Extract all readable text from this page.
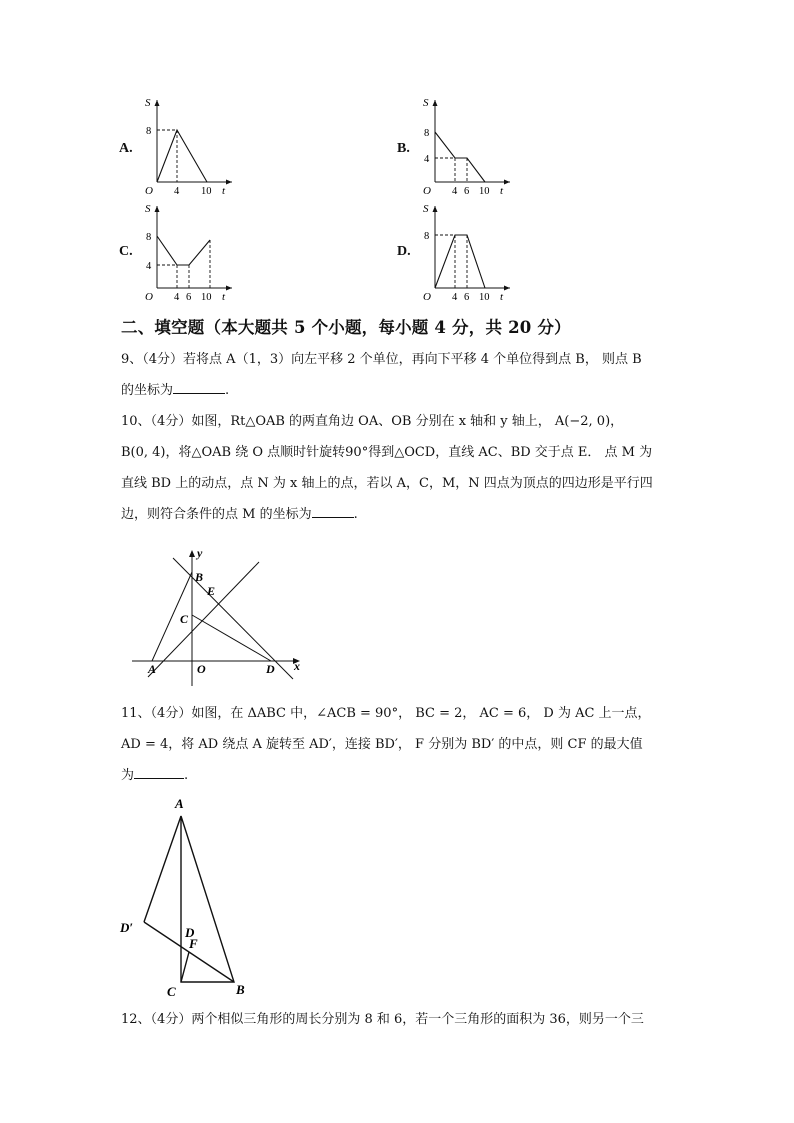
A.
S
8
O 4 10 t
B.
S
8
4
O 4 6 10 t
C.
S
8
4
O 4 6 10 t
D.
S
8
O 4 6 10 t
二、填空题（本大题共 5 个小题，每小题 4 分，共 20 分）
9、（4分）若将点 A（1，3）向左平移 2 个单位，再向下平移 4 个单位得到点 B， 则点 B
的坐标为	.
10、（4分）如图，Rt△OAB 的两直角边 OA、OB 分别在 x 轴和 y 轴上， A(−2, 0)，
B(0, 4)，将△OAB 绕 O 点顺时针旋转90°得到△OCD，直线 AC、BD 交于点 E． 点 M 为
直线 BD 上的动点，点 N 为 x 轴上的点，若以 A，C，M，N 四点为顶点的四边形是平行四
边，则符合条件的点 M 的坐标为	.
y
B
E
C
A	O	D x
11、（4分）如图，在 ΔABC 中，∠ACB = 90°， BC = 2， AC = 6， D 为 AC 上一点，
AD = 4，将 AD 绕点 A 旋转至 AD′，连接 BD′， F 分别为 BD′ 的中点，则 CF 的最大值
为	.
A
D′	D
F
C	B
12、（4分）两个相似三角形的周长分别为 8 和 6，若一个三角形的面积为 36，则另一个三
